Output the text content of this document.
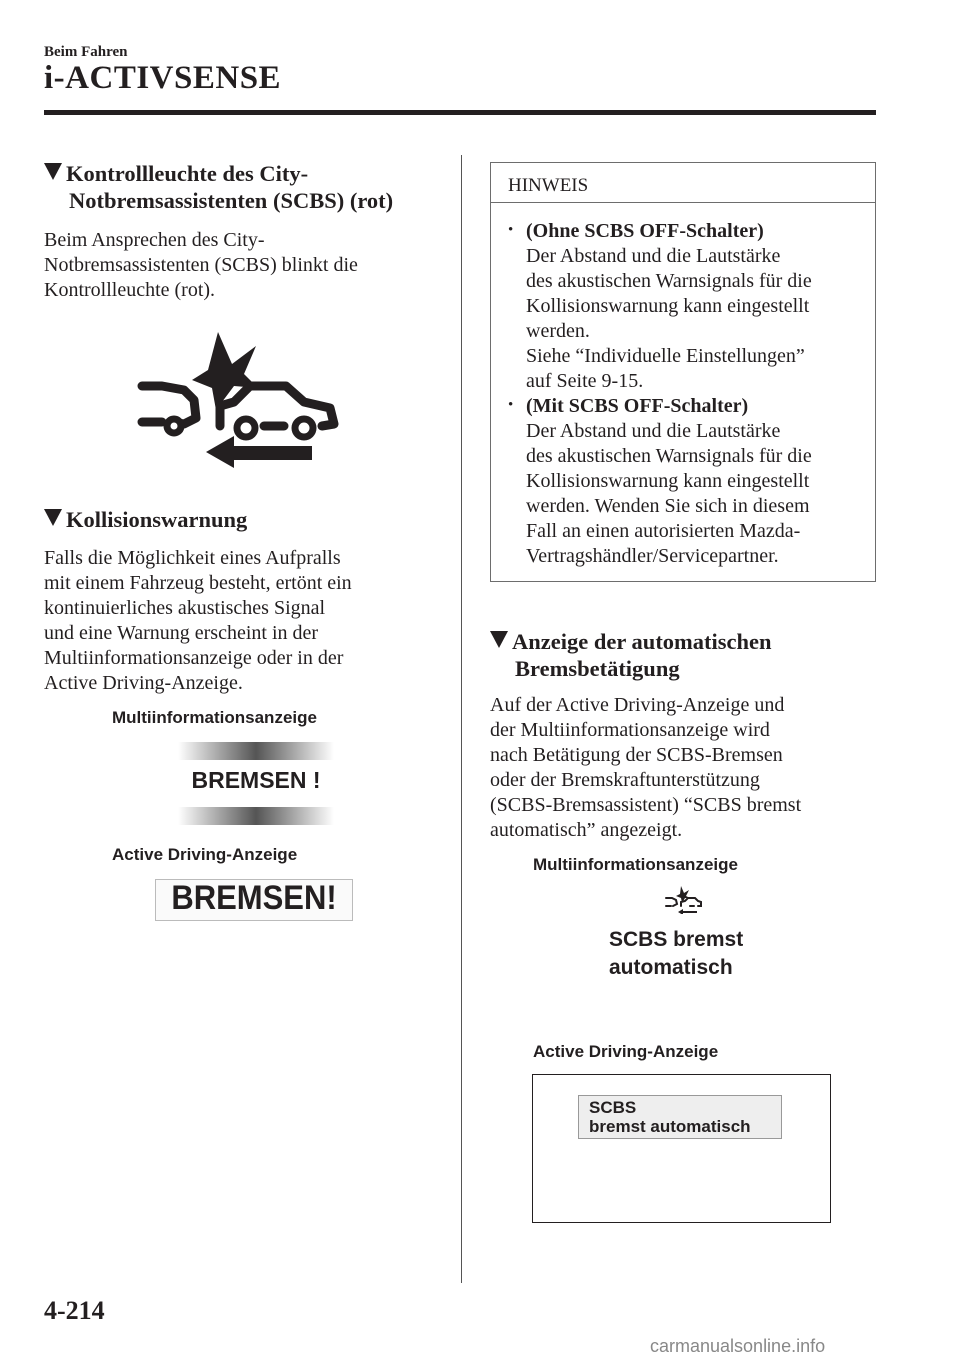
Beim Fahren
i-ACTIVSENSE
Kontrollleuchte des City-
Notbremsassistenten (SCBS) (rot)
Beim Ansprechen des City-
Notbremsassistenten (SCBS) blinkt die
Kontrollleuchte (rot).
Kollisionswarnung
Falls die Möglichkeit eines Aufpralls
mit einem Fahrzeug besteht, ertönt ein
kontinuierliches akustisches Signal
und eine Warnung erscheint in der
Multiinformationsanzeige oder in der
Active Driving-Anzeige.
Multiinformationsanzeige
BREMSEN !
Active Driving-Anzeige
BREMSEN!
HINWEIS
• (Ohne SCBS OFF-Schalter)
Der Abstand und die Lautstärke
des akustischen Warnsignals für die
Kollisionswarnung kann eingestellt
werden.
Siehe “Individuelle Einstellungen”
auf Seite 9-15.
• (Mit SCBS OFF-Schalter)
Der Abstand und die Lautstärke
des akustischen Warnsignals für die
Kollisionswarnung kann eingestellt
werden. Wenden Sie sich in diesem
Fall an einen autorisierten Mazda-
Vertragshändler/Servicepartner.
Anzeige der automatischen
Bremsbetätigung
Auf der Active Driving-Anzeige und
der Multiinformationsanzeige wird
nach Betätigung der SCBS-Bremsen
oder der Bremskraftunterstützung
(SCBS-Bremsassistent) “SCBS bremst
automatisch” angezeigt.
Multiinformationsanzeige
SCBS bremst
automatisch
Active Driving-Anzeige
SCBS
bremst automatisch
4-214
carmanualsonline.info
